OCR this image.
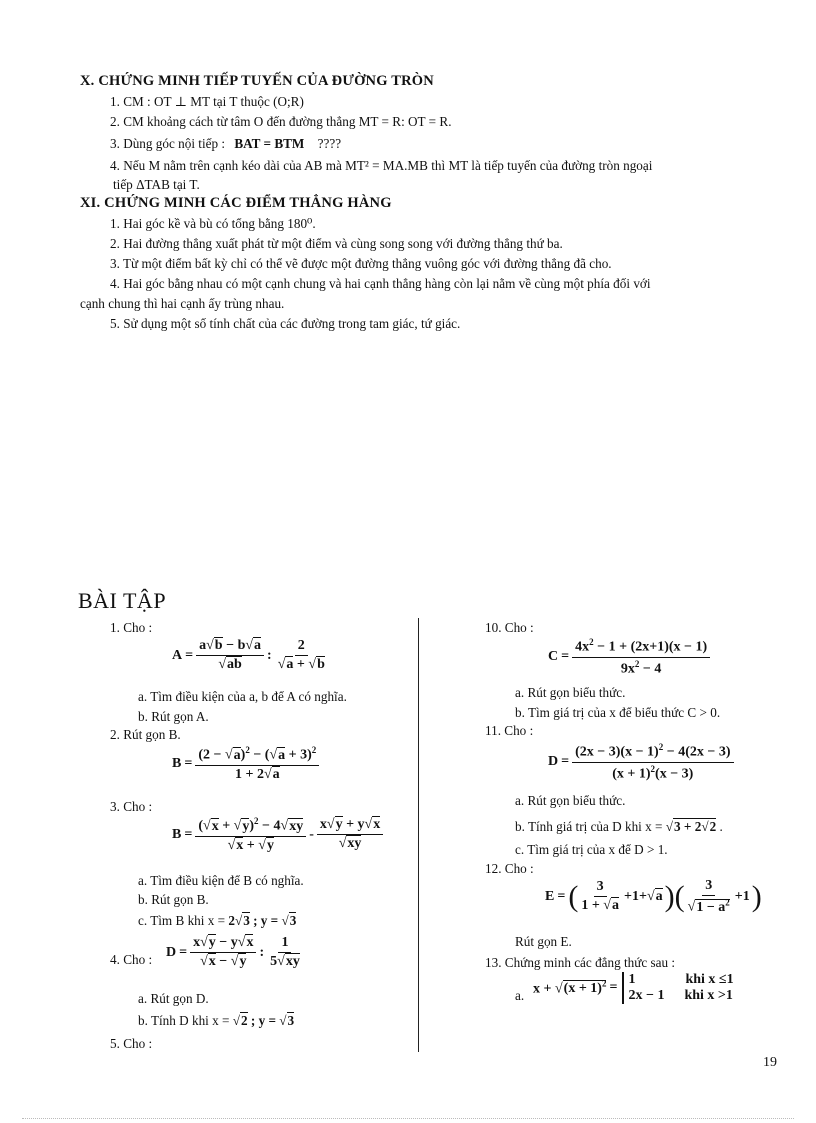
X. CHỨNG MINH TIẾP TUYẾN CỦA ĐƯỜNG TRÒN
1. CM : OT ⊥ MT tại T thuộc (O;R)
2. CM khoảng cách từ tâm O đến đường thẳng MT = R: OT = R.
3. Dùng góc nội tiếp : BAT = BTM ????
4. Nếu M nằm trên cạnh kéo dài của AB mà MT² = MA.MB thì MT là tiếp tuyến của đường tròn ngoại
tiếp ΔTAB tại T.
XI. CHỨNG MINH CÁC ĐIỂM THẲNG HÀNG
1. Hai góc kề và bù có tổng bằng 180⁰.
2. Hai đường thẳng xuất phát từ một điểm và cùng song song với đường thẳng thứ ba.
3. Từ một điểm bất kỳ chỉ có thể vẽ được một đường thẳng vuông góc với đường thẳng đã cho.
4. Hai góc bằng nhau có một cạnh chung và hai cạnh thẳng hàng còn lại nằm về cùng một phía đối với
cạnh chung thì hai cạnh ấy trùng nhau.
5. Sử dụng một số tính chất của các đường trong tam giác, tứ giác.
BÀI TẬP
1. Cho :
$A = \frac{a√b - b√a}{√ab}$ : $\frac{2}{√a + √b}$
a. Tìm điều kiện của a, b để A có nghĩa.
b. Rút gọn A.
2. Rút gọn B.
$B = \frac{(2 - √a)^2 - (√a + 3)^2}{1 + 2√a}$
3. Cho :
$B = \frac{(√x + √y)^2 - 4√xy}{√x + √y} - \frac{x√y + y√x}{√xy}$
a. Tìm điều kiện để B có nghĩa.
b. Rút gọn B.
c. Tìm B khi x = 2√3 ; y = √3
4. Cho : $D = \frac{x√y - y√x}{√x - √y}$ : $\frac{1}{5√xy}$
a. Rút gọn D.
b. Tính D khi x = √2 ; y = √3
5. Cho :
10. Cho :
$C = \frac{4x^2 - 1 + (2x+1)(x - 1)}{9x^2 - 4}$
a. Rút gọn biểu thức.
b. Tìm giá trị của x để biểu thức C > 0.
11. Cho :
$D = \frac{(2x - 3)(x - 1)^2 - 4(2x - 3)}{(x + 1)^2(x - 3)}$
a. Rút gọn biểu thức.
b. Tính giá trị của D khi x = √3 + 2√2 .
c. Tìm giá trị của x để D > 1.
12. Cho :
E = ( $\frac{3}{1 + √a} +1+√a$ )( $\frac{3}{√1 - a^2} +1$ )
Rút gọn E.
13. Chứng minh các đẳng thức sau :
a. $x + √(x + 1)^2$ =
1	khi x ≤1
2x − 1 khi x >1
19
